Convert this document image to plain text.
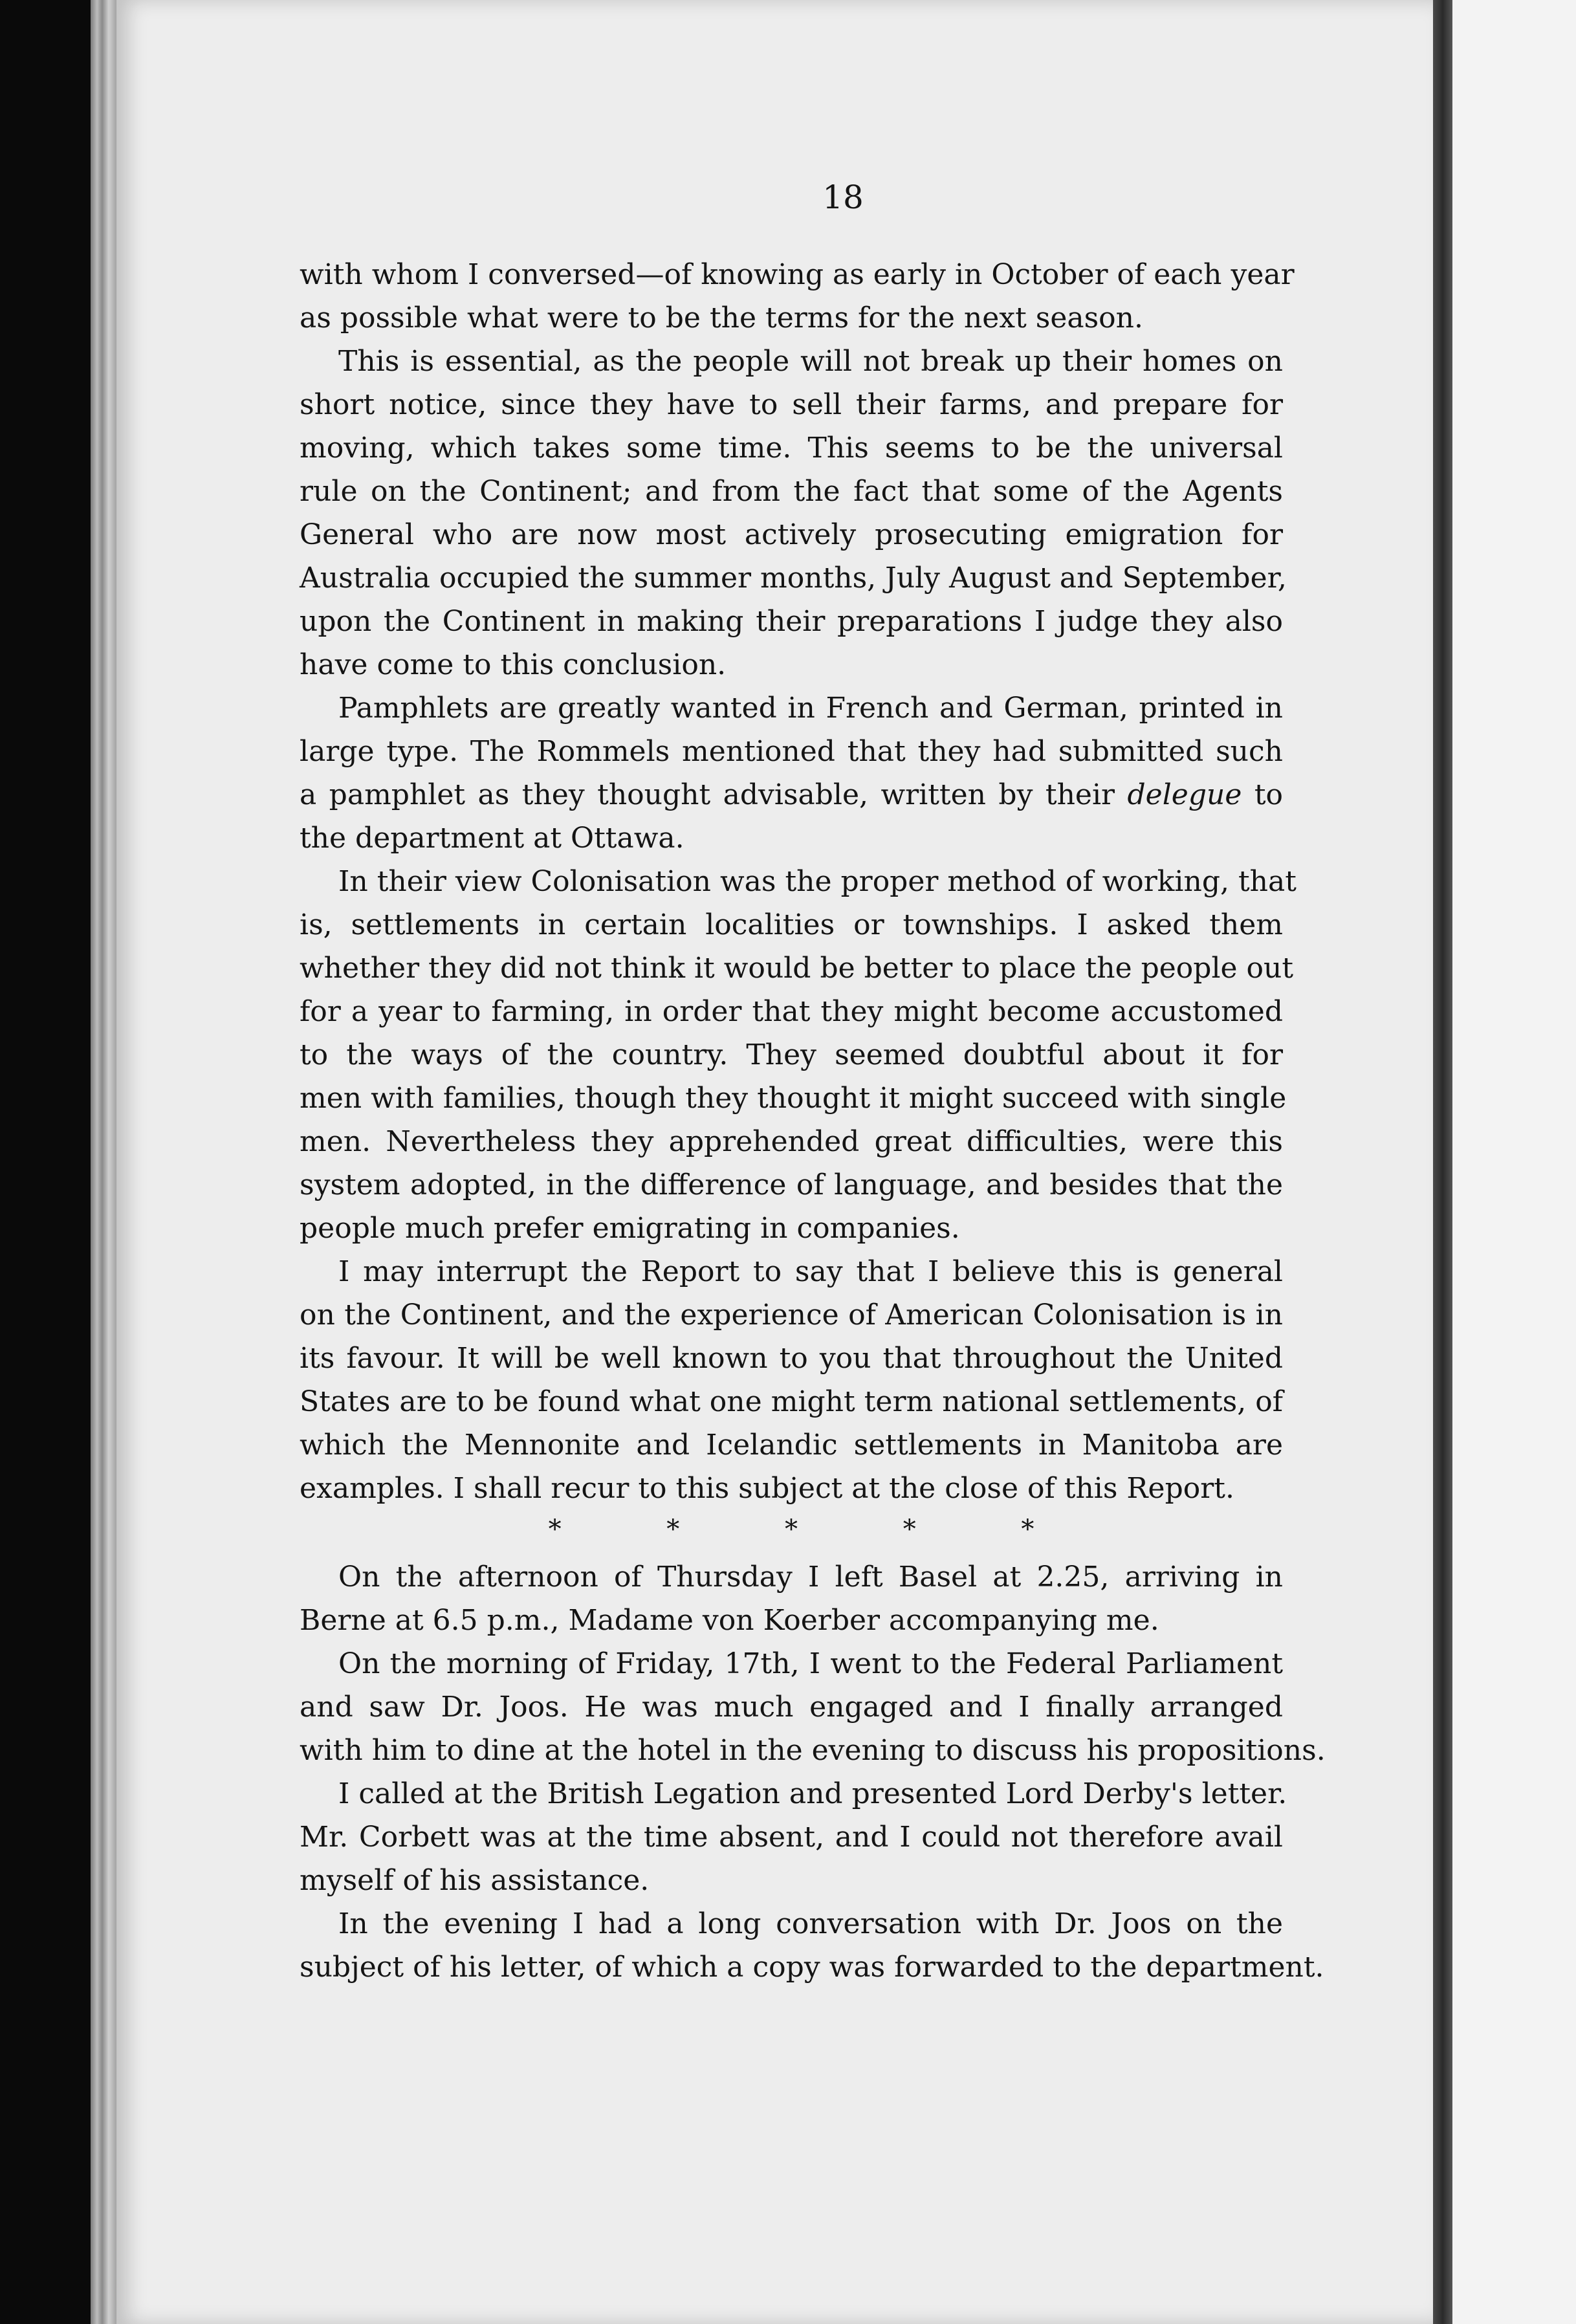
18
with whom I conversed—of knowing as early in October of each year
as possible what were to be the terms for the next season.
This is essential, as the people will not break up their homes on
short notice, since they have to sell their farms, and prepare for
moving, which takes some time. This seems to be the universal
rule on the Continent; and from the fact that some of the Agents
General who are now most actively prosecuting emigration for
Australia occupied the summer months, July August and September,
upon the Continent in making their preparations I judge they also
have come to this conclusion.
Pamphlets are greatly wanted in French and German, printed in
large type. The Rommels mentioned that they had submitted such
a pamphlet as they thought advisable, written by their delegue to
the department at Ottawa.
In their view Colonisation was the proper method of working, that
is, settlements in certain localities or townships. I asked them
whether they did not think it would be better to place the people out
for a year to farming, in order that they might become accustomed
to the ways of the country. They seemed doubtful about it for
men with families, though they thought it might succeed with single
men. Nevertheless they apprehended great difficulties, were this
system adopted, in the difference of language, and besides that the
people much prefer emigrating in companies.
I may interrupt the Report to say that I believe this is general
on the Continent, and the experience of American Colonisation is in
its favour. It will be well known to you that throughout the United
States are to be found what one might term national settlements, of
which the Mennonite and Icelandic settlements in Manitoba are
examples. I shall recur to this subject at the close of this Report.
* * * * *
On the afternoon of Thursday I left Basel at 2.25, arriving in
Berne at 6.5 p.m., Madame von Koerber accompanying me.
On the morning of Friday, 17th, I went to the Federal Parliament
and saw Dr. Joos. He was much engaged and I finally arranged
with him to dine at the hotel in the evening to discuss his propositions.
I called at the British Legation and presented Lord Derby's letter.
Mr. Corbett was at the time absent, and I could not therefore avail
myself of his assistance.
In the evening I had a long conversation with Dr. Joos on the
subject of his letter, of which a copy was forwarded to the department.
